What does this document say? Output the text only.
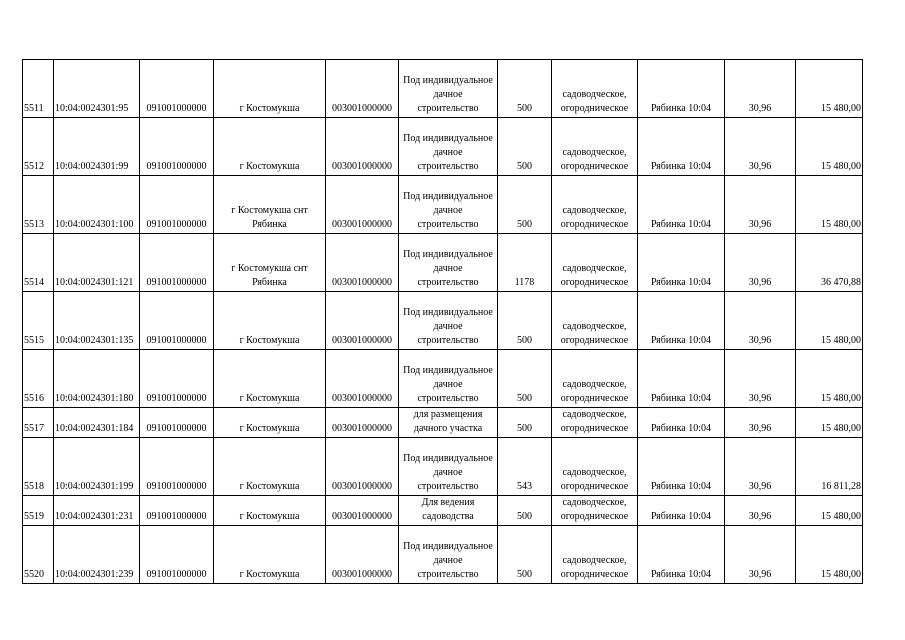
5511	10:04:0024301:95	091001000000	г Костомукша	003001000000	Под индивидуальное
дачное
строительство	500	садоводческое,
огородническое	Рябинка 10:04	30,96	15 480,00
5512	10:04:0024301:99	091001000000	г Костомукша	003001000000	Под индивидуальное
дачное
строительство	500	садоводческое,
огородническое	Рябинка 10:04	30,96	15 480,00
5513	10:04:0024301:100	091001000000	г Костомукша снт
Рябинка	003001000000	Под индивидуальное
дачное
строительство	500	садоводческое,
огородническое	Рябинка 10:04	30,96	15 480,00
5514	10:04:0024301:121	091001000000	г Костомукша снт
Рябинка	003001000000	Под индивидуальное
дачное
строительство	1178	садоводческое,
огородническое	Рябинка 10:04	30,96	36 470,88
5515	10:04:0024301:135	091001000000	г Костомукша	003001000000	Под индивидуальное
дачное
строительство	500	садоводческое,
огородническое	Рябинка 10:04	30,96	15 480,00
5516	10:04:0024301:180	091001000000	г Костомукша	003001000000	Под индивидуальное
дачное
строительство	500	садоводческое,
огородническое	Рябинка 10:04	30,96	15 480,00
5517	10:04:0024301:184	091001000000	г Костомукша	003001000000	для размещения
дачного участка	500	садоводческое,
огородническое	Рябинка 10:04	30,96	15 480,00
5518	10:04:0024301:199	091001000000	г Костомукша	003001000000	Под индивидуальное
дачное
строительство	543	садоводческое,
огородническое	Рябинка 10:04	30,96	16 811,28
5519	10:04:0024301:231	091001000000	г Костомукша	003001000000	Для ведения
садоводства	500	садоводческое,
огородническое	Рябинка 10:04	30,96	15 480,00
5520	10:04:0024301:239	091001000000	г Костомукша	003001000000	Под индивидуальное
дачное
строительство	500	садоводческое,
огородническое	Рябинка 10:04	30,96	15 480,00
